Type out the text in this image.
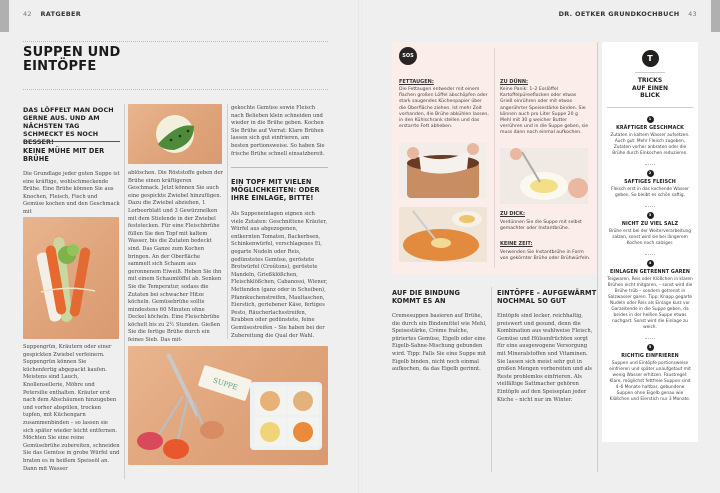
42 RATGEBER	DR. OETKER GRUNDKOCHBUCH 43
SUPPEN UND
EINTÖPFE
DAS LÖFFELT MAN DOCH GERNE AUS. UND AM NÄCHSTEN TAG SCHMECKT ES NOCH BESSER!
KEINE MÜHE MIT DER BRÜHE
Die Grundlage jeder guten Suppe ist eine kräftige, wohlschmeckende Brühe. Eine Brühe können Sie aus Knochen, Fleisch, Fisch und Gemüse kochen und den Geschmack mit
Suppengrün, Kräutern oder einer gespickten Zwiebel verfeinern. Suppengrün können Sie küchenfertig abgepackt kaufen. Meistens sind Lauch, Knollensellerie, Möhre und Petersilie enthalten. Kräuter erst nach dem Abschäumen hinzugeben und vorher abspülen, trocken tupfen, mit Küchengarn zusammenbinden – so lassen sie sich später wieder leicht entfernen. Möchten Sie eine reine Gemüsebrühe zubereiten, schneiden Sie das Gemüse in grobe Würfel und braten es in heißem Speiseöl an. Dann mit Wasser
ablöschen. Die Röststoffe geben der Brühe einen kräftigeren Geschmack. Jetzt können Sie auch eine gespickte Zwiebel hinzufügen. Dazu die Zwiebel abziehen, 1 Lorbeerblatt und 3 Gewürznelken mit dem Stielende in der Zwiebel feststecken. Für eine Fleischbrühe füllen Sie den Topf mit kaltem Wasser, bis die Zutaten bedeckt sind. Das Ganze zum Kochen bringen. An der Oberfläche sammelt sich Schaum aus geronnenem Eiweiß. Heben Sie ihn mit einem Schaumlöffel ab. Senken Sie die Temperatur, sodass die Zutaten bei schwacher Hitze köcheln. Gemüsebrühe sollte mindestens 60 Minuten ohne Deckel köcheln. Eine Fleischbrühe köchelt bis zu 2½ Stunden. Gießen Sie die fertige Brühe durch ein feines Sieb. Das mit-
gekochte Gemüse sowie Fleisch nach Belieben klein schneiden und wieder in die Brühe geben. Kochen Sie Brühe auf Vorrat: Klare Brühen lassen sich gut einfrieren, am besten portionsweise. So haben Sie frische Brühe schnell einsatzbereit.
EIN TOPF MIT VIELEN MÖGLICHKEITEN: ODER IHRE EINLAGE, BITTE!
Als Suppeneinlagen eignen sich viele Zutaten: Geschnittene Kräuter, Würfel aus abgezogenen, entkernten Tomaten, Backerbsen, Schinkenwürfel, verschlagenes Ei, gegarte Nudeln oder Reis, gedünstetes Gemüse, geröstete Brotwürfel (Croûtons), geröstete Mandeln, Grießklößchen, Fleischklößchen, Cabanossi, Wiener, Mettenden (ganz oder in Scheiben), Pfannkuchenstreifen, Maultaschen, Eierstich, geriebener Käse, fertiges Pesto, Räucherlachsstreifen, Krabben oder gedünstete, feine Gemüsestreifen – Sie haben bei der Zubereitung die Qual der Wahl.
SUPPE
SOS
FETTAUGEN:
Die Fettaugen entweder mit einem flachen großen Löffel abschöpfen oder stark saugendes Küchenpapier über die Oberfläche ziehen. Ist mehr Zeit vorhanden, die Brühe abkühlen lassen, in den Kühlschrank stellen und das erstarrte Fett abheben.
ZU DÜNN:
Keine Panik: 1–2 Esslöffel Kartoffelpüreeflocken oder etwas Grieß einrühren oder mit etwas angerührter Speisestärke binden. Sie können auch pro Liter Suppe 20 g Mehl mit 30 g weicher Butter verrühren und in die Suppe geben, sie muss dann noch einmal aufkochen.
ZU DICK:
Verdünnen Sie die Suppe mit selbst gemachter oder Instantbrühe.
KEINE ZEIT:
Verwenden Sie Instantbrühe in Form von gekörnter Brühe oder Brühwürfeln.
AUF DIE BINDUNG KOMMT ES AN
Cremesuppen basieren auf Brühe, die durch ein Bindemittel wie Mehl, Speisestärke, Crème fraîche, püriertes Gemüse, Eigelb oder eine Eigelb-Sahne-Mischung gebunden wird. Tipp: Falls Sie eine Suppe mit Eigelb binden, nicht noch einmal aufkochen, da das Eigelb gerinnt.
EINTÖPFE – AUFGEWÄRMT NOCHMAL SO GUT
Eintöpfe sind lecker, reichhaltig, preiswert und gesund, denn die Kombination aus wahlweise Fleisch, Gemüse und Hülsenfrüchten sorgt für eine ausgewogene Versorgung mit Mineralstoffen und Vitaminen. Sie lassen sich meist sehr gut in großen Mengen vorbereiten und als Reste problemlos einfrieren. Als vielfältige Sattmacher gehören Eintöpfe auf den Speiseplan jeder Küche – nicht nur im Winter.
T
TRICKS
AUF EINEN
BLICK
1
KRÄFTIGER GESCHMACK
Zutaten in kaltem Wasser aufsetzen. Auch gut: Mehr Fleisch zugeben, Zutaten vorher anbraten oder die Brühe durch Einkochen reduzieren.
2
SAFTIGES FLEISCH
Fleisch erst in das kochende Wasser geben. So bleibt es schön saftig.
3
NICHT ZU VIEL SALZ
Brühe erst bei der Weiterverarbeitung salzen, sonst wird sie bei längerem Kochen noch salziger.
4
EINLAGEN GETRENNT GAREN
Teigwaren, Reis oder Klößchen in klaren Brühen nicht mitgaren, – sonst wird die Brühe trüb – sondern getrennt in Salzwasser garen. Tipp: Knapp gegarte Nudeln oder Reis als Einlage kurz vor Garzeitende in die Suppe geben, da beides in der heißen Suppe etwas nachgart. Sonst wird die Einlage zu weich.
5
RICHTIG EINFRIEREN
Suppen und Eintöpfe portionsweise einfrieren und später unaufgetaut mit wenig Wasser erhitzen. Faustregel: Klare, möglichst fettfreie Suppen sind 4–6 Monate haltbar, gebundene Suppen ohne Eigelb genau wie Klößchen und Eierstich nur 3 Monate.
